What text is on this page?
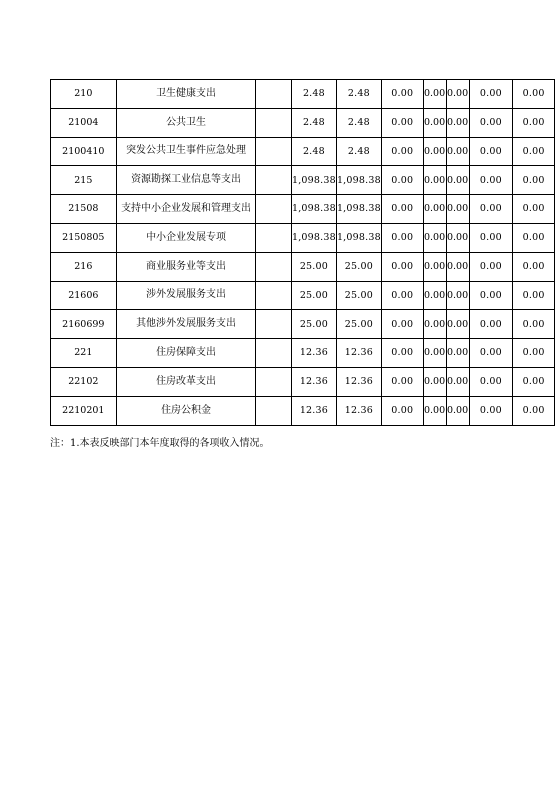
210	卫生健康支出		2.48	2.48	0.00	0.00	0.00	0.00	0.00
21004	公共卫生		2.48	2.48	0.00	0.00	0.00	0.00	0.00
2100410	突发公共卫生事件应急处理		2.48	2.48	0.00	0.00	0.00	0.00	0.00
215	资源勘探工业信息等支出		1,098.38	1,098.38	0.00	0.00	0.00	0.00	0.00
21508	支持中小企业发展和管理支出		1,098.38	1,098.38	0.00	0.00	0.00	0.00	0.00
2150805	中小企业发展专项		1,098.38	1,098.38	0.00	0.00	0.00	0.00	0.00
216	商业服务业等支出		25.00	25.00	0.00	0.00	0.00	0.00	0.00
21606	涉外发展服务支出		25.00	25.00	0.00	0.00	0.00	0.00	0.00
2160699	其他涉外发展服务支出		25.00	25.00	0.00	0.00	0.00	0.00	0.00
221	住房保障支出		12.36	12.36	0.00	0.00	0.00	0.00	0.00
22102	住房改革支出		12.36	12.36	0.00	0.00	0.00	0.00	0.00
2210201	住房公积金		12.36	12.36	0.00	0.00	0.00	0.00	0.00
注：1.本表反映部门本年度取得的各项收入情况。
